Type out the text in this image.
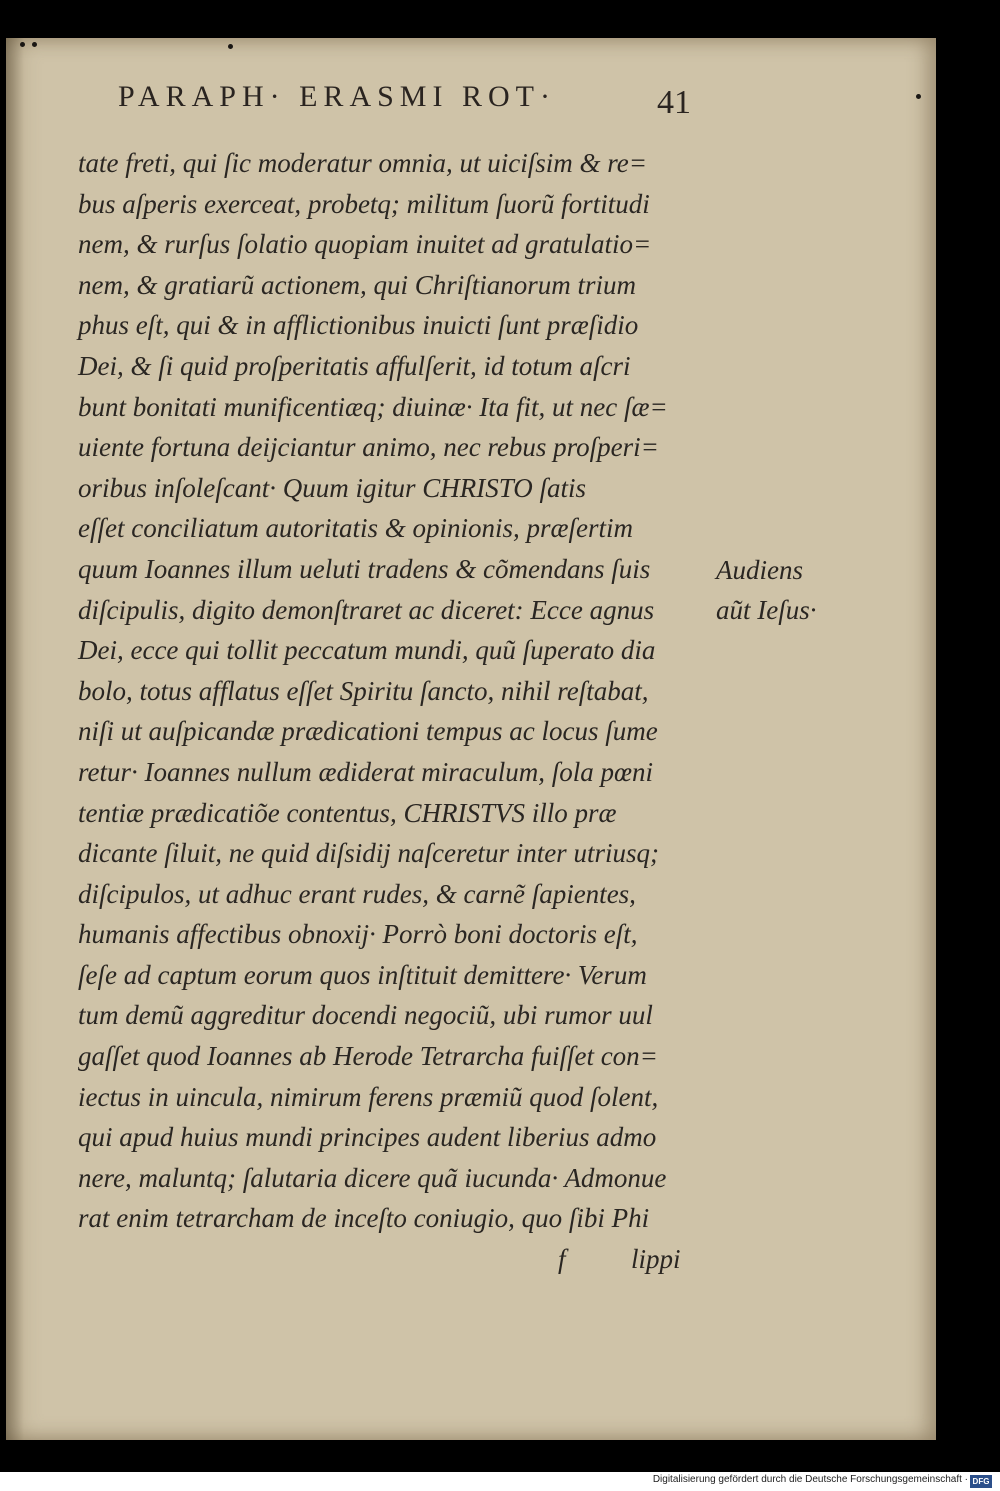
PARAPH· ERASMI ROT·	41
tate freti, qui ſic moderatur omnia, ut uiciſsim & re=
bus aſperis exerceat, probetq; militum ſuorũ fortitudi
nem, & rurſus ſolatio quopiam inuitet ad gratulatio=
nem, & gratiarũ actionem, qui Chriſtianorum trium
phus eſt, qui & in afflictionibus inuicti ſunt præſidio
Dei, & ſi quid proſperitatis affulſerit, id totum aſcri
bunt bonitati munificentiæq; diuinæ· Ita fit, ut nec ſæ=
uiente fortuna deijciantur animo, nec rebus proſperi=
oribus inſoleſcant· Quum igitur CHRISTO ſatis
eſſet conciliatum autoritatis & opinionis, præſertim
quum Ioannes illum ueluti tradens & cõmendans ſuis
diſcipulis, digito demonſtraret ac diceret: Ecce agnus
Dei, ecce qui tollit peccatum mundi, quũ ſuperato dia
bolo, totus afflatus eſſet Spiritu ſancto, nihil reſtabat,
niſi ut auſpicandæ prædicationi tempus ac locus ſume
retur· Ioannes nullum ædiderat miraculum, ſola pœni
tentiæ prædicatiõe contentus, CHRISTVS illo præ
dicante ſiluit, ne quid diſsidij naſceretur inter utriusq;
diſcipulos, ut adhuc erant rudes, & carnẽ ſapientes,
humanis affectibus obnoxij· Porrò boni doctoris eſt,
ſeſe ad captum eorum quos inſtituit demittere· Verum
tum demũ aggreditur docendi negociũ, ubi rumor uul
gaſſet quod Ioannes ab Herode Tetrarcha fuiſſet con=
iectus in uincula, nimirum ferens præmiũ quod ſolent,
qui apud huius mundi principes audent liberius admo
nere, maluntq; ſalutaria dicere quã iucunda· Admonue
rat enim tetrarcham de inceſto coniugio, quo ſibi Phi
f lippi
Audiens
aũt Ieſus·
Digitalisierung gefördert durch die Deutsche Forschungsgemeinschaft · DFG
